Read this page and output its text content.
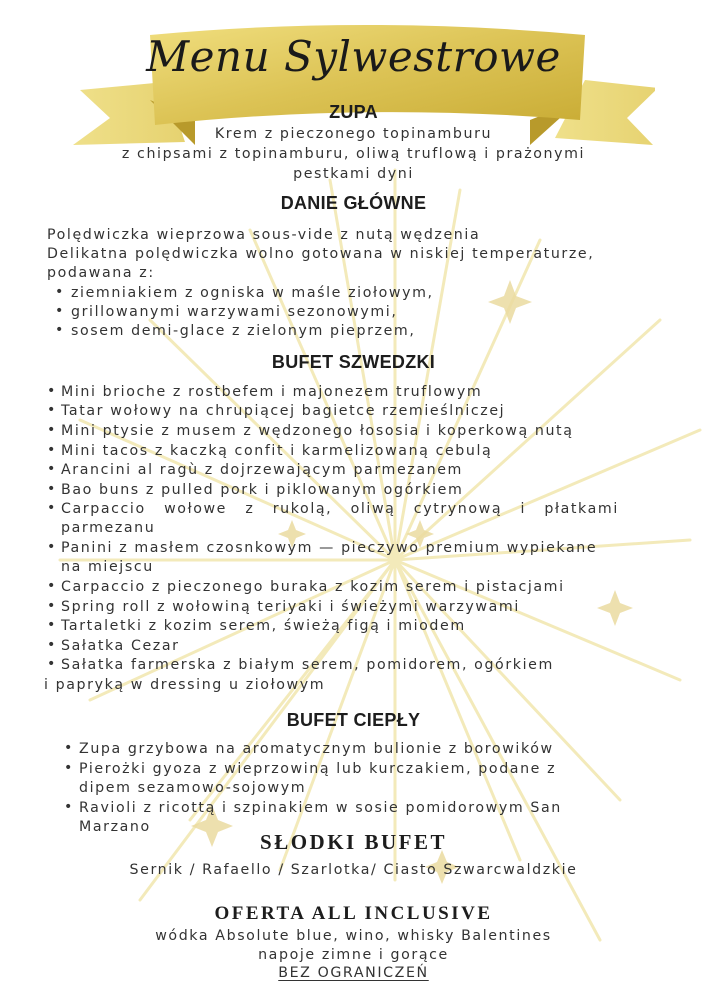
Menu Sylwestrowe
ZUPA
Krem z pieczonego topinamburu
z chipsami z topinamburu, oliwą truflową i prażonymi
pestkami dyni
DANIE GŁÓWNE
Polędwiczka wieprzowa sous-vide z nutą wędzenia
Delikatna polędwiczka wolno gotowana w niskiej temperaturze,
podawana z:
• ziemniakiem z ogniska w maśle ziołowym,
• grillowanymi warzywami sezonowymi,
• sosem demi-glace z zielonym pieprzem,
BUFET SZWEDZKI
• Mini brioche z rostbefem i majonezem truflowym
• Tatar wołowy na chrupiącej bagietce rzemieślniczej
• Mini ptysie z musem z wędzonego łososia i koperkową nutą
• Mini tacos z kaczką confit i karmelizowaną cebulą
• Arancini al ragù z dojrzewającym parmezanem
• Bao buns z pulled pork i piklowanym ogórkiem
• Carpaccio   wołowe   z   rukolą,   oliwą   cytrynową   i   płatkami
parmezanu
• Panini z masłem czosnkowym — pieczywo premium wypiekane
na miejscu
• Carpaccio z pieczonego buraka z kozim serem i pistacjami
• Spring roll z wołowiną teriyaki i świeżymi warzywami
• Tartaletki z kozim serem, świeżą figą i miodem
• Sałatka Cezar
• Sałatka farmerska z białym serem, pomidorem, ogórkiem
i papryką w dressing u ziołowym
BUFET CIEPŁY
• Zupa grzybowa na aromatycznym bulionie z borowików
• Pierożki gyoza z wieprzowiną lub kurczakiem, podane z
dipem sezamowo-sojowym
• Ravioli z ricottą i szpinakiem w sosie pomidorowym San
Marzano
SŁODKI BUFET
Sernik / Rafaello / Szarlotka/ Ciasto Szwarcwaldzkie
OFERTA ALL INCLUSIVE
wódka Absolute blue, wino, whisky Balentines
napoje zimne i gorące
BEZ OGRANICZEŃ
